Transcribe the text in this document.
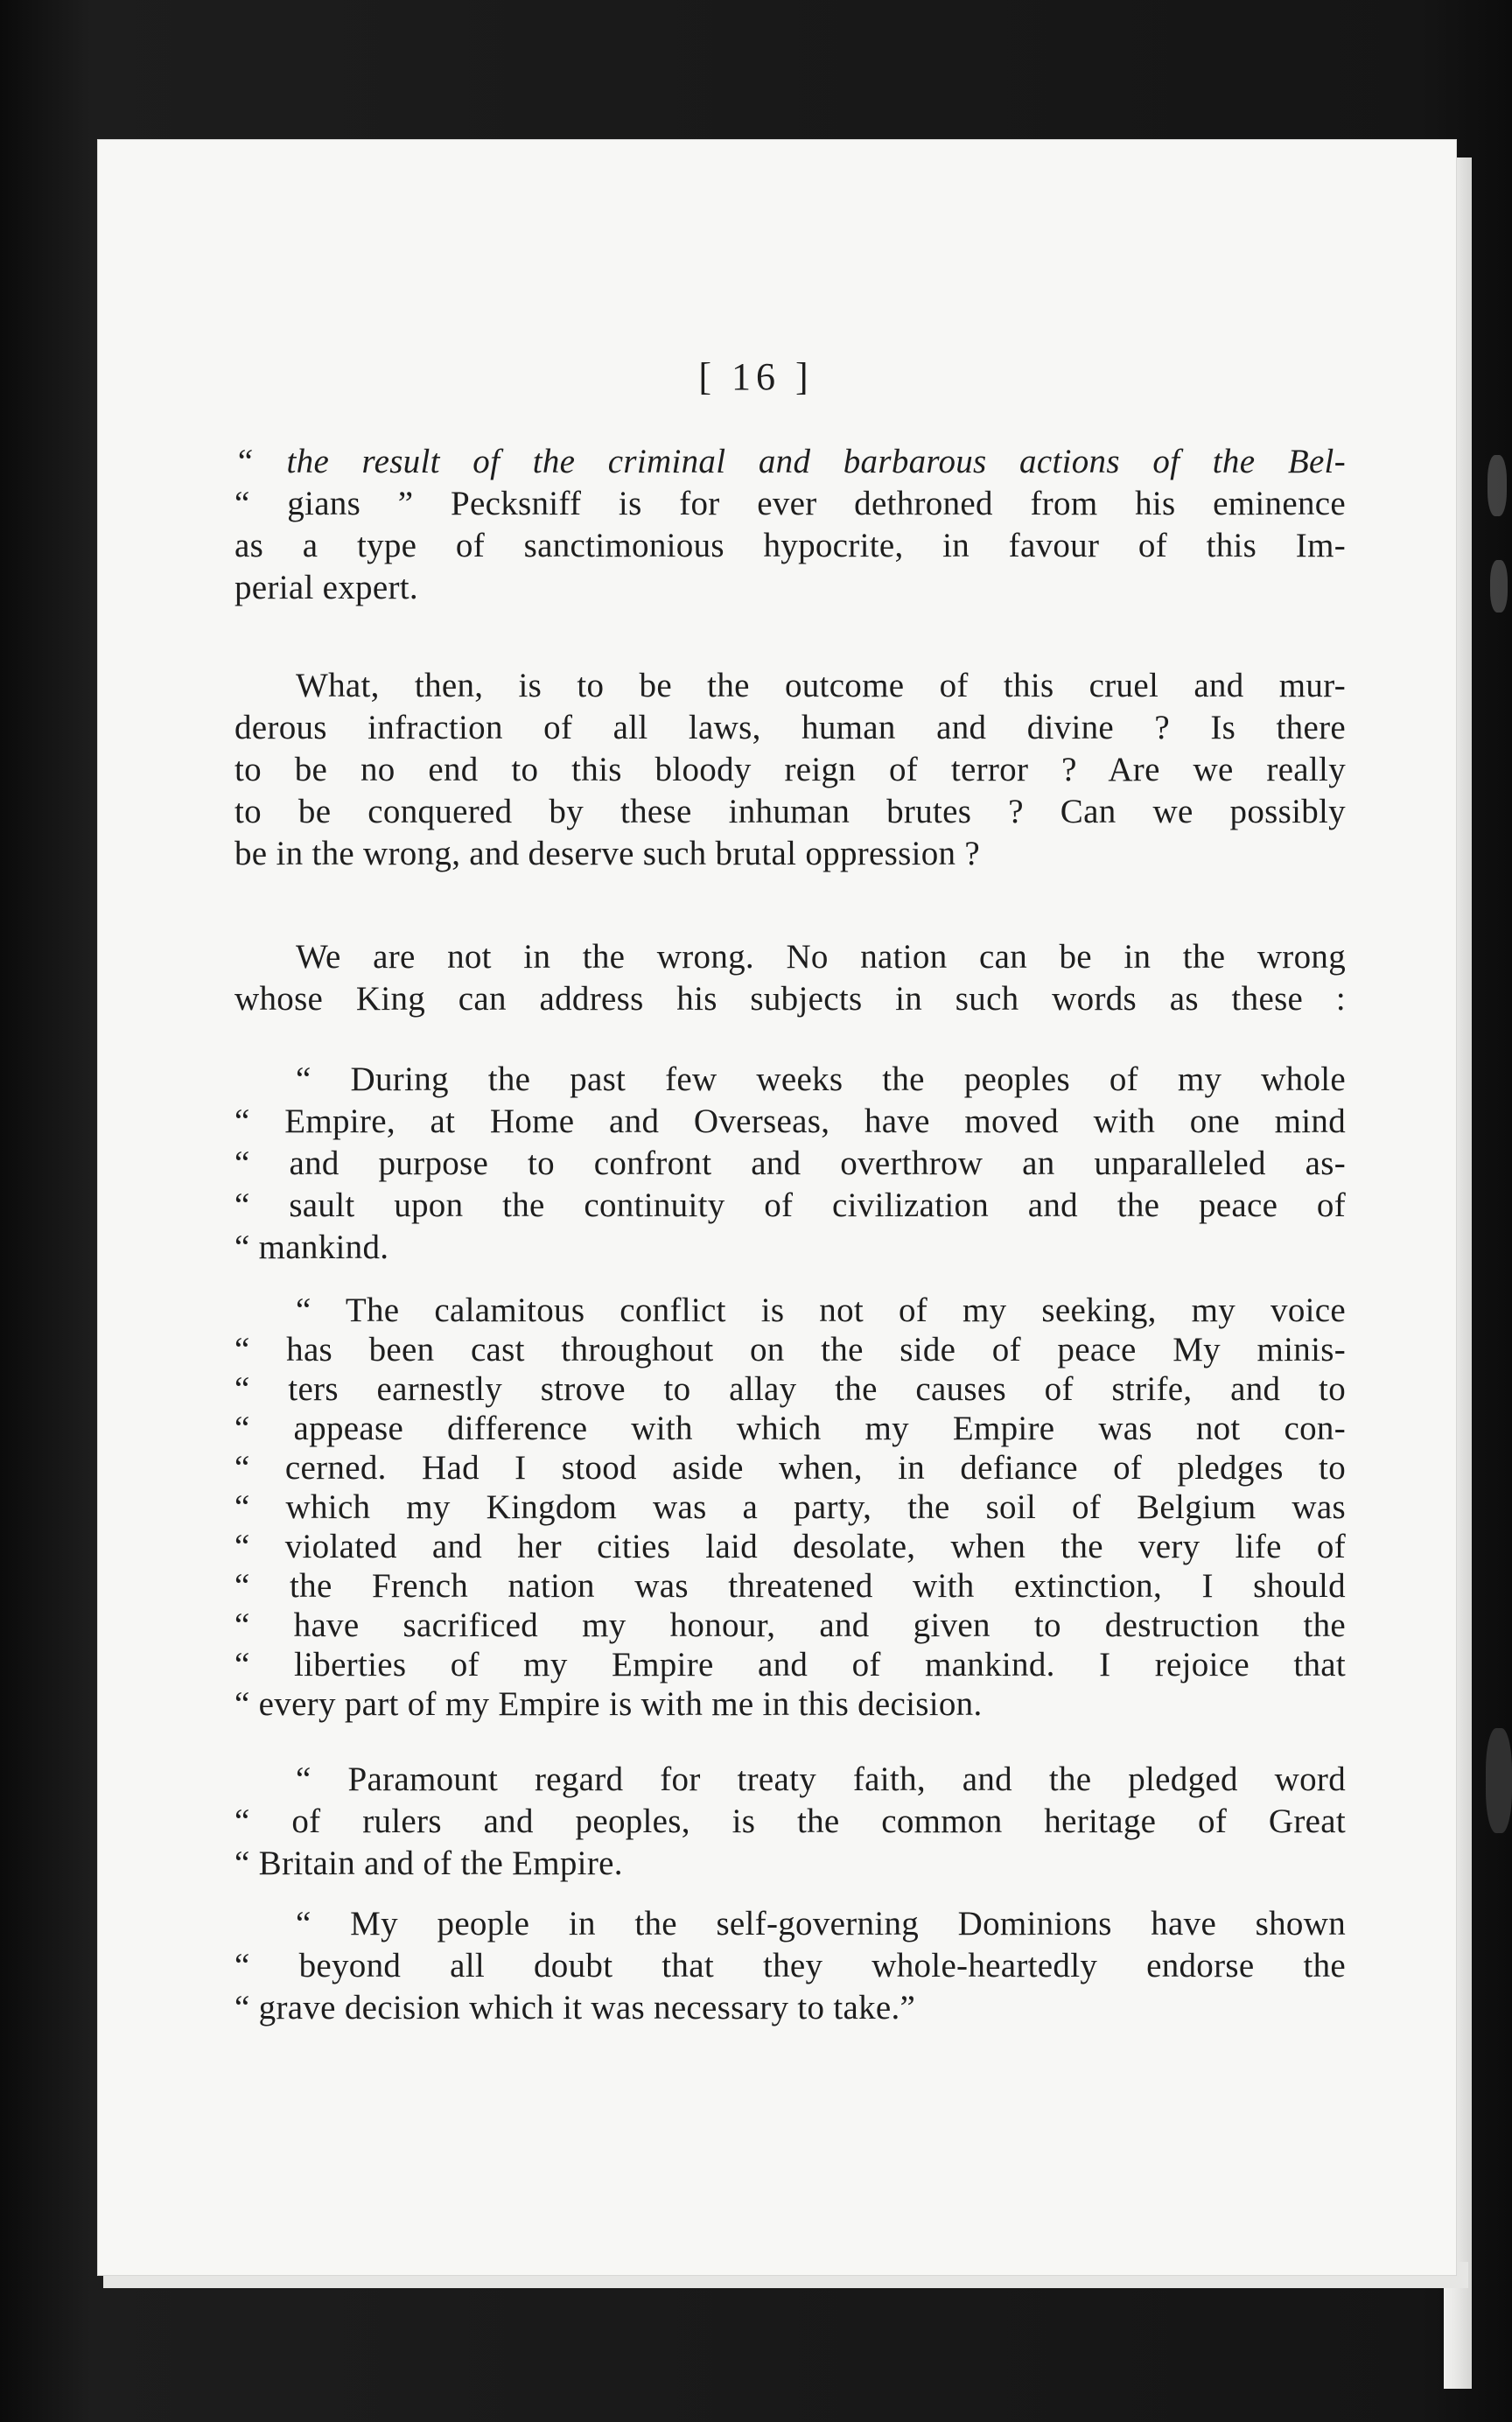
[ 16 ]
“ the result of the criminal and barbarous actions of the Bel-
“ gians ” Pecksniff is for ever dethroned from his eminence
as a type of sanctimonious hypocrite, in favour of this Im-
perial expert.
What, then, is to be the outcome of this cruel and mur-
derous infraction of all laws, human and divine ? Is there
to be no end to this bloody reign of terror ? Are we really
to be conquered by these inhuman brutes ? Can we possibly
be in the wrong, and deserve such brutal oppression ?
We are not in the wrong. No nation can be in the wrong
whose King can address his subjects in such words as these :
“ During the past few weeks the peoples of my whole
“ Empire, at Home and Overseas, have moved with one mind
“ and purpose to confront and overthrow an unparalleled as-
“ sault upon the continuity of civilization and the peace of
“ mankind.
“ The calamitous conflict is not of my seeking, my voice
“ has been cast throughout on the side of peace My minis-
“ ters earnestly strove to allay the causes of strife, and to
“ appease difference with which my Empire was not con-
“ cerned. Had I stood aside when, in defiance of pledges to
“ which my Kingdom was a party, the soil of Belgium was
“ violated and her cities laid desolate, when the very life of
“ the French nation was threatened with extinction, I should
“ have sacrificed my honour, and given to destruction the
“ liberties of my Empire and of mankind. I rejoice that
“ every part of my Empire is with me in this decision.
“ Paramount regard for treaty faith, and the pledged word
“ of rulers and peoples, is the common heritage of Great
“ Britain and of the Empire.
“ My people in the self-governing Dominions have shown
“ beyond all doubt that they whole-heartedly endorse the
“ grave decision which it was necessary to take.”
